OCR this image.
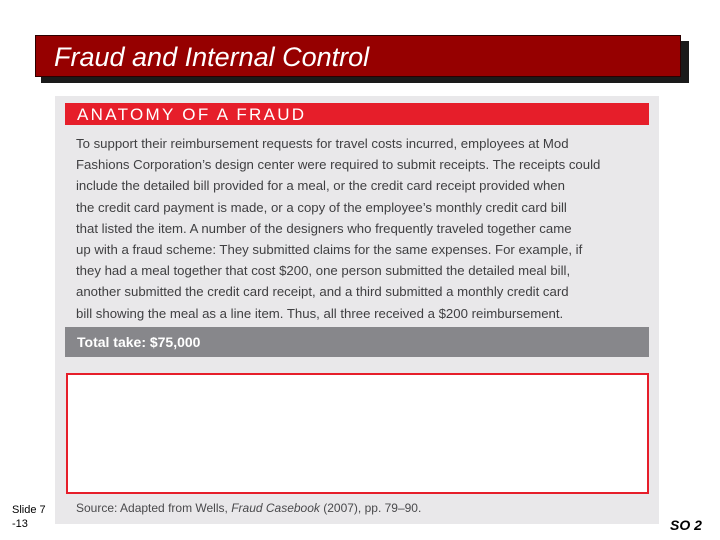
Fraud and Internal Control
ANATOMY OF A FRAUD

To support their reimbursement requests for travel costs incurred, employees at Mod
Fashions Corporation’s design center were required to submit receipts. The receipts could
include the detailed bill provided for a meal, or the credit card receipt provided when
the credit card payment is made, or a copy of the employee’s monthly credit card bill
that listed the item. A number of the designers who frequently traveled together came
up with a fraud scheme: They submitted claims for the same expenses. For example, if
they had a meal together that cost $200, one person submitted the detailed meal bill,
another submitted the credit card receipt, and a third submitted a monthly credit card
bill showing the meal as a line item. Thus, all three received a $200 reimbursement.

Total take: $75,000
Source: Adapted from Wells, Fraud Casebook (2007), pp. 79–90.
Slide 7
-13	SO 2
